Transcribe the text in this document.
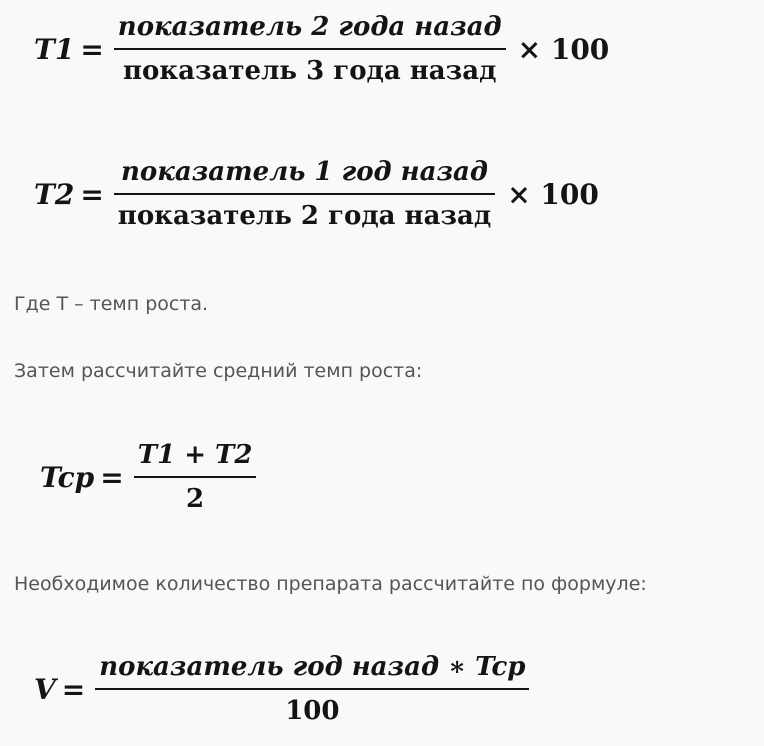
$T1 = \frac{\text{показатель 2 года назад}}{\text{показатель 3 года назад}} \times 100$
$T2 = \frac{\text{показатель 1 год назад}}{\text{показатель 2 года назад}} \times 100$
Где Т – темп роста.
Затем рассчитайте средний темп роста:
Tcp = $\frac{T1 + T2}{2}$
Необходимое количество препарата рассчитайте по формуле:
$V = \frac{\text{показатель год назад ∗ Tcp}}{100}$
